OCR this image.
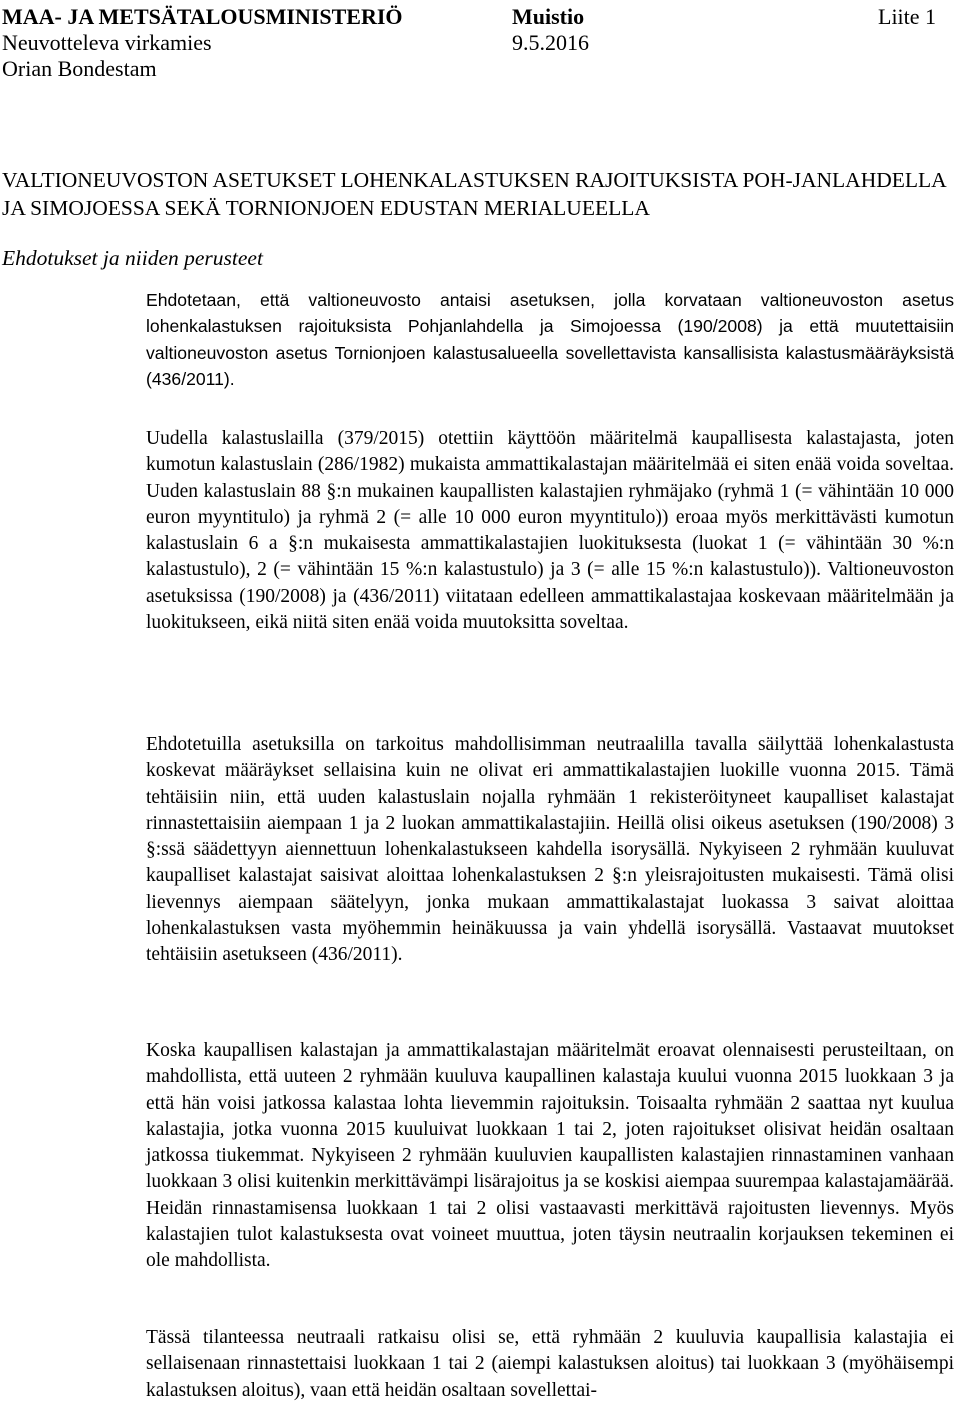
MAA- JA METSÄTALOUSMINISTERIÖ	Muistio	Liite 1
Neuvotteleva virkamies	9.5.2016
Orian Bondestam
VALTIONEUVOSTON ASETUKSET LOHENKALASTUKSEN RAJOITUKSISTA POH-JANLAHDELLA JA SIMOJOESSA SEKÄ TORNIONJOEN EDUSTAN MERIALUEELLA
Ehdotukset ja niiden perusteet
Ehdotetaan, että valtioneuvosto antaisi asetuksen, jolla korvataan valtioneuvoston asetus lohenkalastuksen rajoituksista Pohjanlahdella ja Simojoessa (190/2008) ja että muutettaisiin valtioneuvoston asetus Tornionjoen kalastusalueella sovellettavista kansallisista kalastusmääräyksistä (436/2011).
Uudella kalastuslailla (379/2015) otettiin käyttöön määritelmä kaupallisesta kalastajasta, joten kumotun kalastuslain (286/1982) mukaista ammattikalastajan määritelmää ei siten enää voida soveltaa. Uuden kalastuslain 88 §:n mukainen kaupallisten kalastajien ryhmäjako (ryhmä 1 (= vähintään 10 000 euron myyntitulo) ja ryhmä 2 (= alle 10 000 euron myyntitulo)) eroaa myös merkittävästi kumotun kalastuslain 6 a §:n mukaisesta ammattikalastajien luokituksesta (luokat 1 (= vähintään 30 %:n kalastustulo), 2 (= vähintään 15 %:n kalastustulo) ja 3 (= alle 15 %:n kalastustulo)). Valtioneuvoston asetuksissa (190/2008) ja (436/2011) viitataan edelleen ammattikalastajaa koskevaan määritelmään ja luokitukseen, eikä niitä siten enää voida muutoksitta soveltaa.
Ehdotetuilla asetuksilla on tarkoitus mahdollisimman neutraalilla tavalla säilyttää lohenkalastusta koskevat määräykset sellaisina kuin ne olivat eri ammattikalastajien luokille vuonna 2015. Tämä tehtäisiin niin, että uuden kalastuslain nojalla ryhmään 1 rekisteröityneet kaupalliset kalastajat rinnastettaisiin aiempaan 1 ja 2 luokan ammattikalastajiin. Heillä olisi oikeus asetuksen (190/2008) 3 §:ssä säädettyyn aiennettuun lohenkalastukseen kahdella isorysällä. Nykyiseen 2 ryhmään kuuluvat kaupalliset kalastajat saisivat aloittaa lohenkalastuksen 2 §:n yleisrajoitusten mukaisesti. Tämä olisi lievennys aiempaan säätelyyn, jonka mukaan ammattikalastajat luokassa 3 saivat aloittaa lohenkalastuksen vasta myöhemmin heinäkuussa ja vain yhdellä isorysällä. Vastaavat muutokset tehtäisiin asetukseen (436/2011).
Koska kaupallisen kalastajan ja ammattikalastajan määritelmät eroavat olennaisesti perusteiltaan, on mahdollista, että uuteen 2 ryhmään kuuluva kaupallinen kalastaja kuului vuonna 2015 luokkaan 3 ja että hän voisi jatkossa kalastaa lohta lievemmin rajoituksin. Toisaalta ryhmään 2 saattaa nyt kuulua kalastajia, jotka vuonna 2015 kuuluivat luokkaan 1 tai 2, joten rajoitukset olisivat heidän osaltaan jatkossa tiukemmat. Nykyiseen 2 ryhmään kuuluvien kaupallisten kalastajien rinnastaminen vanhaan luokkaan 3 olisi kuitenkin merkittävämpi lisärajoitus ja se koskisi aiempaa suurempaa kalastajamäärää. Heidän rinnastamisensa luokkaan 1 tai 2 olisi vastaavasti merkittävä rajoitusten lievennys. Myös kalastajien tulot kalastuksesta ovat voineet muuttua, joten täysin neutraalin korjauksen tekeminen ei ole mahdollista.
Tässä tilanteessa neutraali ratkaisu olisi se, että ryhmään 2 kuuluvia kaupallisia kalastajia ei sellaisenaan rinnastettaisi luokkaan 1 tai 2 (aiempi kalastuksen aloitus) tai luokkaan 3 (myöhäisempi kalastuksen aloitus), vaan että heidän osaltaan sovellettai-
